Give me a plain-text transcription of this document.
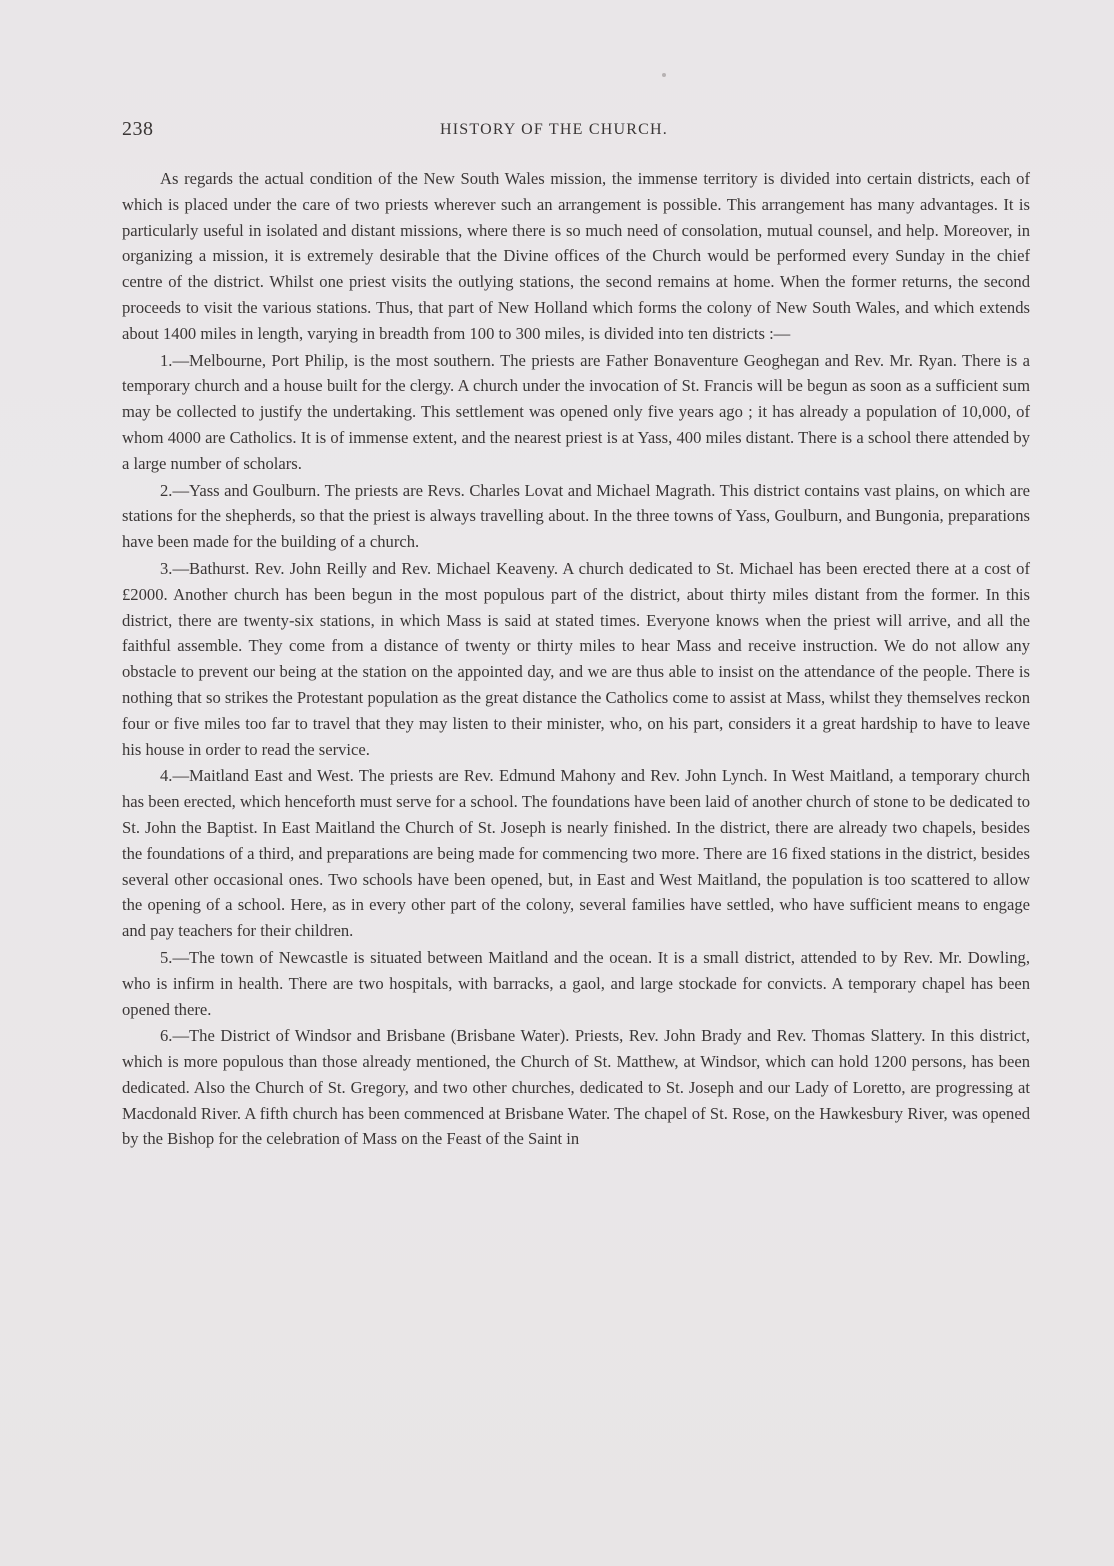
238	HISTORY OF THE CHURCH.

As regards the actual condition of the New South Wales mission, the immense territory is divided into certain districts, each of which is placed under the care of two priests wherever such an arrangement is possible. This arrangement has many advantages. It is particularly useful in isolated and distant missions, where there is so much need of consolation, mutual counsel, and help. Moreover, in organizing a mission, it is extremely desirable that the Divine offices of the Church would be performed every Sunday in the chief centre of the district. Whilst one priest visits the outlying stations, the second remains at home. When the former returns, the second proceeds to visit the various stations. Thus, that part of New Holland which forms the colony of New South Wales, and which extends about 1400 miles in length, varying in breadth from 100 to 300 miles, is divided into ten districts :—

1.—Melbourne, Port Philip, is the most southern. The priests are Father Bonaventure Geoghegan and Rev. Mr. Ryan. There is a temporary church and a house built for the clergy. A church under the invocation of St. Francis will be begun as soon as a sufficient sum may be collected to justify the undertaking. This settlement was opened only five years ago ; it has already a population of 10,000, of whom 4000 are Catholics. It is of immense extent, and the nearest priest is at Yass, 400 miles distant. There is a school there attended by a large number of scholars.

2.—Yass and Goulburn. The priests are Revs. Charles Lovat and Michael Magrath. This district contains vast plains, on which are stations for the shepherds, so that the priest is always travelling about. In the three towns of Yass, Goulburn, and Bungonia, preparations have been made for the building of a church.

3.—Bathurst. Rev. John Reilly and Rev. Michael Keaveny. A church dedicated to St. Michael has been erected there at a cost of £2000. Another church has been begun in the most populous part of the district, about thirty miles distant from the former. In this district, there are twenty-six stations, in which Mass is said at stated times. Everyone knows when the priest will arrive, and all the faithful assemble. They come from a distance of twenty or thirty miles to hear Mass and receive instruction. We do not allow any obstacle to prevent our being at the station on the appointed day, and we are thus able to insist on the attendance of the people. There is nothing that so strikes the Protestant population as the great distance the Catholics come to assist at Mass, whilst they themselves reckon four or five miles too far to travel that they may listen to their minister, who, on his part, considers it a great hardship to have to leave his house in order to read the service.

4.—Maitland East and West. The priests are Rev. Edmund Mahony and Rev. John Lynch. In West Maitland, a temporary church has been erected, which henceforth must serve for a school. The foundations have been laid of another church of stone to be dedicated to St. John the Baptist. In East Maitland the Church of St. Joseph is nearly finished. In the district, there are already two chapels, besides the foundations of a third, and preparations are being made for commencing two more. There are 16 fixed stations in the district, besides several other occasional ones. Two schools have been opened, but, in East and West Maitland, the population is too scattered to allow the opening of a school. Here, as in every other part of the colony, several families have settled, who have sufficient means to engage and pay teachers for their children.

5.—The town of Newcastle is situated between Maitland and the ocean. It is a small district, attended to by Rev. Mr. Dowling, who is infirm in health. There are two hospitals, with barracks, a gaol, and large stockade for convicts. A temporary chapel has been opened there.

6.—The District of Windsor and Brisbane (Brisbane Water). Priests, Rev. John Brady and Rev. Thomas Slattery. In this district, which is more populous than those already mentioned, the Church of St. Matthew, at Windsor, which can hold 1200 persons, has been dedicated. Also the Church of St. Gregory, and two other churches, dedicated to St. Joseph and our Lady of Loretto, are progressing at Macdonald River. A fifth church has been commenced at Brisbane Water. The chapel of St. Rose, on the Hawkesbury River, was opened by the Bishop for the celebration of Mass on the Feast of the Saint in
